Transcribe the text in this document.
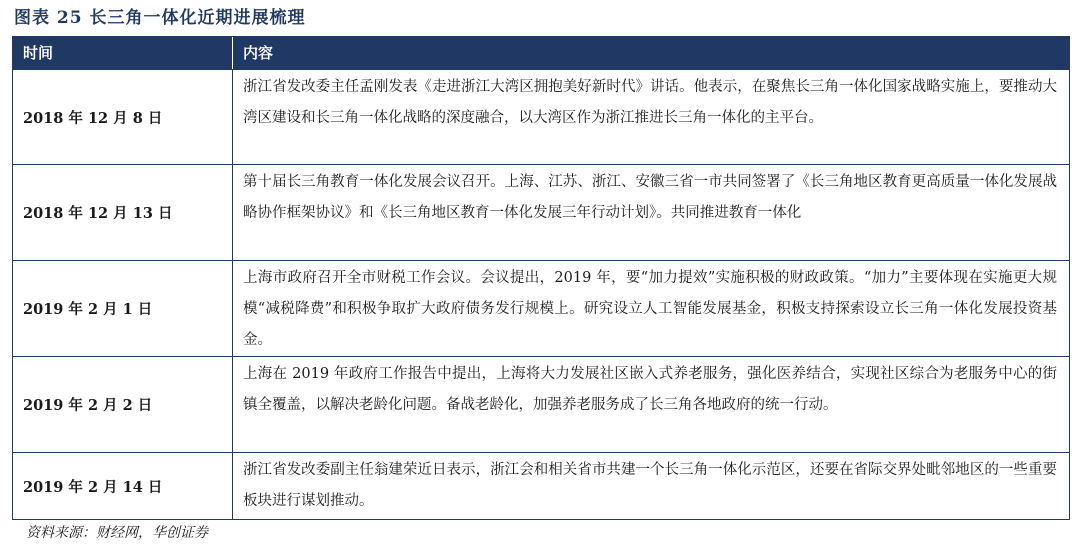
图表 25 长三角一体化近期进展梳理
时间	内容
2018 年 12 月 8 日
浙江省发改委主任孟刚发表《走进浙江大湾区拥抱美好新时代》讲话。他表示，在聚焦长三角一体化国家战略实施上，要推动大湾区建设和长三角一体化战略的深度融合，以大湾区作为浙江推进长三角一体化的主平台。
2018 年 12 月 13 日
第十届长三角教育一体化发展会议召开。上海、江苏、浙江、安徽三省一市共同签署了《长三角地区教育更高质量一体化发展战略协作框架协议》和《长三角地区教育一体化发展三年行动计划》。共同推进教育一体化
2019 年 2 月 1 日
上海市政府召开全市财税工作会议。会议提出，2019 年，要“加力提效”实施积极的财政政策。“加力”主要体现在实施更大规模“减税降费”和积极争取扩大政府债务发行规模上。研究设立人工智能发展基金，积极支持探索设立长三角一体化发展投资基金。
2019 年 2 月 2 日
上海在 2019 年政府工作报告中提出，上海将大力发展社区嵌入式养老服务，强化医养结合，实现社区综合为老服务中心的街镇全覆盖，以解决老龄化问题。备战老龄化，加强养老服务成了长三角各地政府的统一行动。
2019 年 2 月 14 日
浙江省发改委副主任翁建荣近日表示，浙江会和相关省市共建一个长三角一体化示范区，还要在省际交界处毗邻地区的一些重要板块进行谋划推动。
资料来源：财经网，华创证券
